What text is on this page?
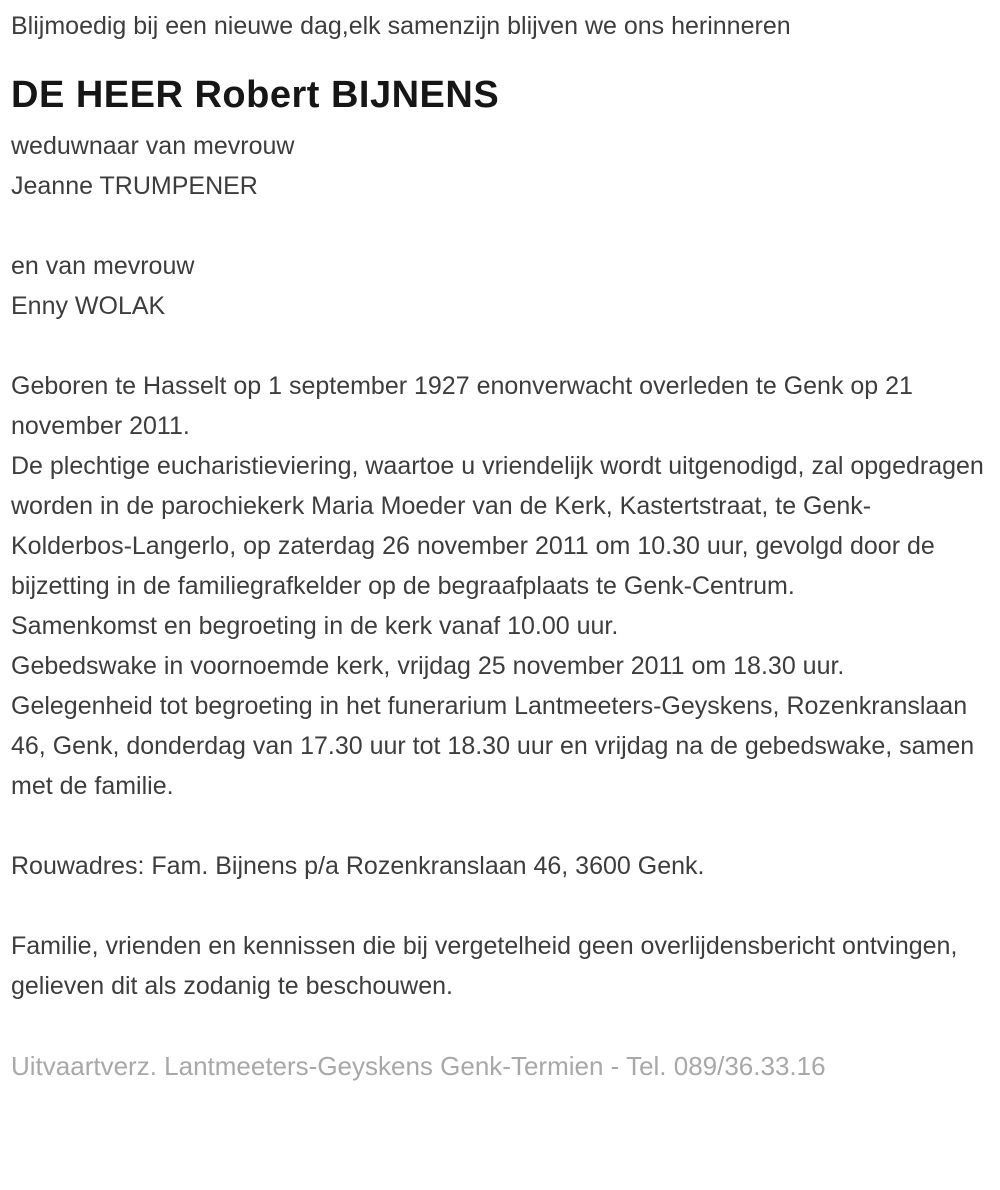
Blijmoedig bij een nieuwe dag,elk samenzijn blijven we ons herinneren

DE HEER Robert BIJNENS

weduwnaar van mevrouw

Jeanne TRUMPENER

en van mevrouw

Enny WOLAK

Geboren te Hasselt op 1 september 1927 enonverwacht overleden te Genk op 21 november 2011.

De plechtige eucharistieviering, waartoe u vriendelijk wordt uitgenodigd, zal opgedragen worden in de parochiekerk Maria Moeder van de Kerk, Kastertstraat, te Genk-Kolderbos-Langerlo, op zaterdag 26 november 2011 om 10.30 uur, gevolgd door de bijzetting in de familiegrafkelder op de begraafplaats te Genk-Centrum.

Samenkomst en begroeting in de kerk vanaf 10.00 uur.

Gebedswake in voornoemde kerk, vrijdag 25 november 2011 om 18.30 uur.

Gelegenheid tot begroeting in het funerarium Lantmeeters-Geyskens, Rozenkranslaan 46, Genk, donderdag van 17.30 uur tot 18.30 uur en vrijdag na de gebedswake, samen met de familie.

Rouwadres: Fam. Bijnens p/a Rozenkranslaan 46, 3600 Genk.

Familie, vrienden en kennissen die bij vergetelheid geen overlijdensbericht ontvingen, gelieven dit als zodanig te beschouwen.

Uitvaartverz. Lantmeeters-Geyskens Genk-Termien - Tel. 089/36.33.16
